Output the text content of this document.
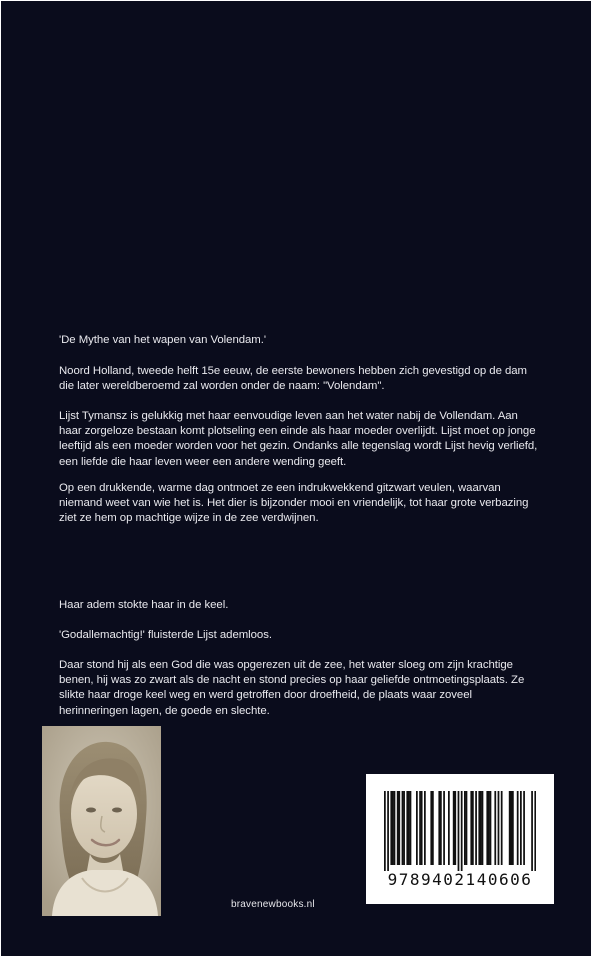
'De Mythe van het wapen van Volendam.'

Noord Holland, tweede helft 15e eeuw, de eerste bewoners hebben zich gevestigd op de dam die later wereldberoemd zal worden onder de naam: "Volendam".

Lijst Tymansz is gelukkig met haar eenvoudige leven aan het water nabij de Vollendam. Aan haar zorgeloze bestaan komt plotseling een einde als haar moeder overlijdt. Lijst moet op jonge leeftijd als een moeder worden voor het gezin. Ondanks alle tegenslag wordt Lijst hevig verliefd, een liefde die haar leven weer een andere wending geeft.

Op een drukkende, warme dag ontmoet ze een indrukwekkend gitzwart veulen, waarvan niemand weet van wie het is. Het dier is bijzonder mooi en vriendelijk, tot haar grote verbazing ziet ze hem op machtige wijze in de zee verdwijnen.

Haar adem stokte haar in de keel.

'Godallemachtig!' fluisterde Lijst ademloos.

Daar stond hij als een God die was opgerezen uit de zee, het water sloeg om zijn krachtige benen, hij was zo zwart als de nacht en stond precies op haar geliefde ontmoetingsplaats. Ze slikte haar droge keel weg en werd getroffen door droefheid, de plaats waar zoveel herinneringen lagen, de goede en slechte.

bravenewbooks.nl
9789402140606
